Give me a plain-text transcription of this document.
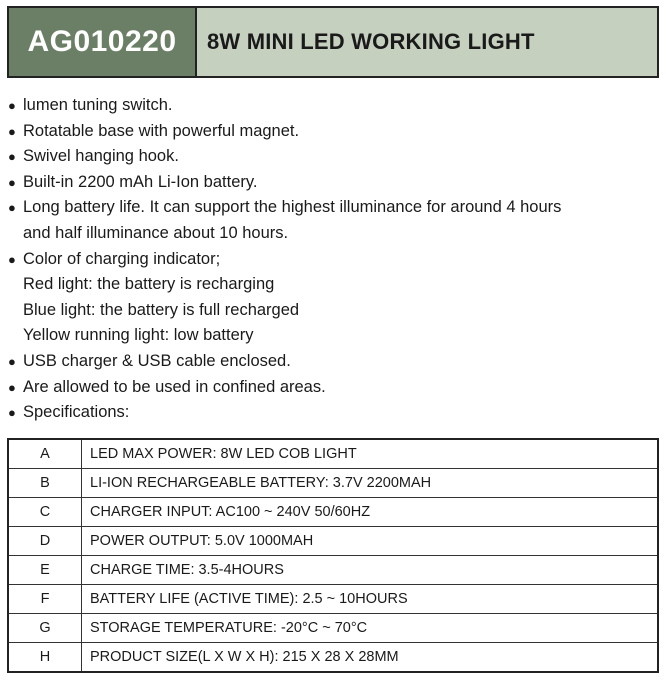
AG010220 8W MINI LED WORKING LIGHT
● lumen tuning switch.
● Rotatable base with powerful magnet.
● Swivel hanging hook.
● Built-in 2200 mAh Li-Ion battery.
● Long battery life. It can support the highest illuminance for around 4 hours
and half illuminance about 10 hours.
● Color of charging indicator;
Red light: the battery is recharging
Blue light: the battery is full recharged
Yellow running light: low battery
● USB charger & USB cable enclosed.
● Are allowed to be used in confined areas.
● Specifications:
A	LED MAX POWER: 8W LED COB LIGHT
B	LI-ION RECHARGEABLE BATTERY: 3.7V 2200MAH
C	CHARGER INPUT: AC100 ~ 240V 50/60HZ
D	POWER OUTPUT: 5.0V 1000MAH
E	CHARGE TIME: 3.5-4HOURS
F	BATTERY LIFE (ACTIVE TIME): 2.5 ~ 10HOURS
G	STORAGE TEMPERATURE: -20°C ~ 70°C
H	PRODUCT SIZE(L X W X H): 215 X 28 X 28MM
